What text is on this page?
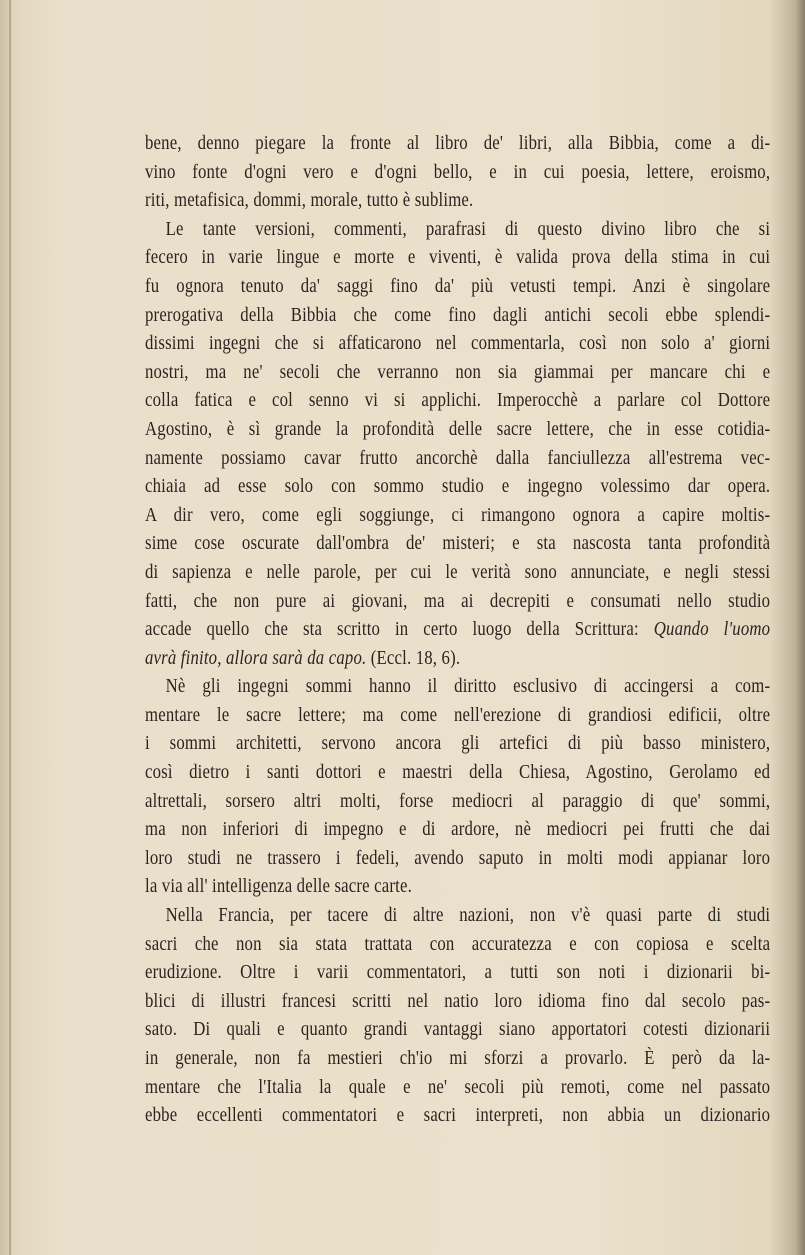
bene, denno piegare la fronte al libro de' libri, alla Bibbia, come a di-
vino fonte d'ogni vero e d'ogni bello, e in cui poesia, lettere, eroismo,
riti, metafisica, dommi, morale, tutto è sublime.
Le tante versioni, commenti, parafrasi di questo divino libro che si
fecero in varie lingue e morte e viventi, è valida prova della stima in cui
fu ognora tenuto da' saggi fino da' più vetusti tempi. Anzi è singolare
prerogativa della Bibbia che come fino dagli antichi secoli ebbe splendi-
dissimi ingegni che si affaticarono nel commentarla, così non solo a' giorni
nostri, ma ne' secoli che verranno non sia giammai per mancare chi e
colla fatica e col senno vi si applichi. Imperocchè a parlare col Dottore
Agostino, è sì grande la profondità delle sacre lettere, che in esse cotidia-
namente possiamo cavar frutto ancorchè dalla fanciullezza all'estrema vec-
chiaia ad esse solo con sommo studio e ingegno volessimo dar opera.
A dir vero, come egli soggiunge, ci rimangono ognora a capire moltis-
sime cose oscurate dall'ombra de' misteri; e sta nascosta tanta profondità
di sapienza e nelle parole, per cui le verità sono annunciate, e negli stessi
fatti, che non pure ai giovani, ma ai decrepiti e consumati nello studio
accade quello che sta scritto in certo luogo della Scrittura: Quando l'uomo
avrà finito, allora sarà da capo. (Eccl. 18, 6).
Nè gli ingegni sommi hanno il diritto esclusivo di accingersi a com-
mentare le sacre lettere; ma come nell'erezione di grandiosi edificii, oltre
i sommi architetti, servono ancora gli artefici di più basso ministero,
così dietro i santi dottori e maestri della Chiesa, Agostino, Gerolamo ed
altrettali, sorsero altri molti, forse mediocri al paraggio di que' sommi,
ma non inferiori di impegno e di ardore, nè mediocri pei frutti che dai
loro studi ne trassero i fedeli, avendo saputo in molti modi appianar loro
la via all' intelligenza delle sacre carte.
Nella Francia, per tacere di altre nazioni, non v'è quasi parte di studi
sacri che non sia stata trattata con accuratezza e con copiosa e scelta
erudizione. Oltre i varii commentatori, a tutti son noti i dizionarii bi-
blici di illustri francesi scritti nel natio loro idioma fino dal secolo pas-
sato. Di quali e quanto grandi vantaggi siano apportatori cotesti dizionarii
in generale, non fa mestieri ch'io mi sforzi a provarlo. È però da la-
mentare che l'Italia la quale e ne' secoli più remoti, come nel passato
ebbe eccellenti commentatori e sacri interpreti, non abbia un dizionario
